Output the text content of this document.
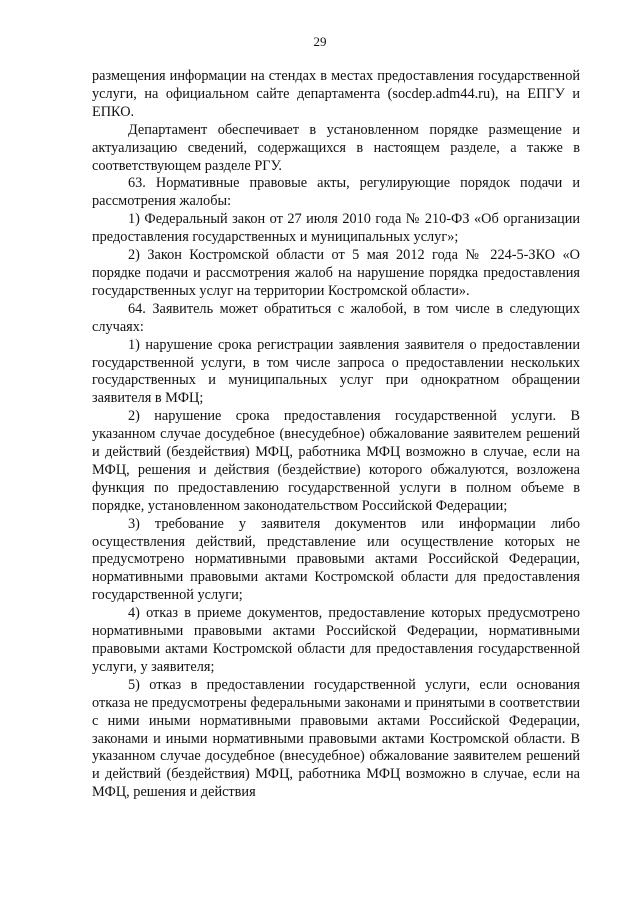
29

размещения информации на стендах в местах предоставления государственной услуги, на официальном сайте департамента (socdep.adm44.ru), на ЕПГУ и ЕПКО.

Департамент обеспечивает в установленном порядке размещение и актуализацию сведений, содержащихся в настоящем разделе, а также в соответствующем разделе РГУ.

63. Нормативные правовые акты, регулирующие порядок подачи и рассмотрения жалобы:

1) Федеральный закон от 27 июля 2010 года № 210-ФЗ «Об организации предоставления государственных и муниципальных услуг»;

2) Закон Костромской области от 5 мая 2012 года № 224-5-ЗКО «О порядке подачи и рассмотрения жалоб на нарушение порядка предоставления государственных услуг на территории Костромской области».

64. Заявитель может обратиться с жалобой, в том числе в следующих случаях:

1) нарушение срока регистрации заявления заявителя о предоставлении государственной услуги, в том числе запроса о предоставлении нескольких государственных и муниципальных услуг при однократном обращении заявителя в МФЦ;

2) нарушение срока предоставления государственной услуги. В указанном случае досудебное (внесудебное) обжалование заявителем решений и действий (бездействия) МФЦ, работника МФЦ возможно в случае, если на МФЦ, решения и действия (бездействие) которого обжалуются, возложена функция по предоставлению государственной услуги в полном объеме в порядке, установленном законодательством Российской Федерации;

3) требование у заявителя документов или информации либо осуществления действий, представление или осуществление которых не предусмотрено нормативными правовыми актами Российской Федерации, нормативными правовыми актами Костромской области для предоставления государственной услуги;

4) отказ в приеме документов, предоставление которых предусмотрено нормативными правовыми актами Российской Федерации, нормативными правовыми актами Костромской области для предоставления государственной услуги, у заявителя;

5) отказ в предоставлении государственной услуги, если основания отказа не предусмотрены федеральными законами и принятыми в соответствии с ними иными нормативными правовыми актами Российской Федерации, законами и иными нормативными правовыми актами Костромской области. В указанном случае досудебное (внесудебное) обжалование заявителем решений и действий (бездействия) МФЦ, работника МФЦ возможно в случае, если на МФЦ, решения и действия
